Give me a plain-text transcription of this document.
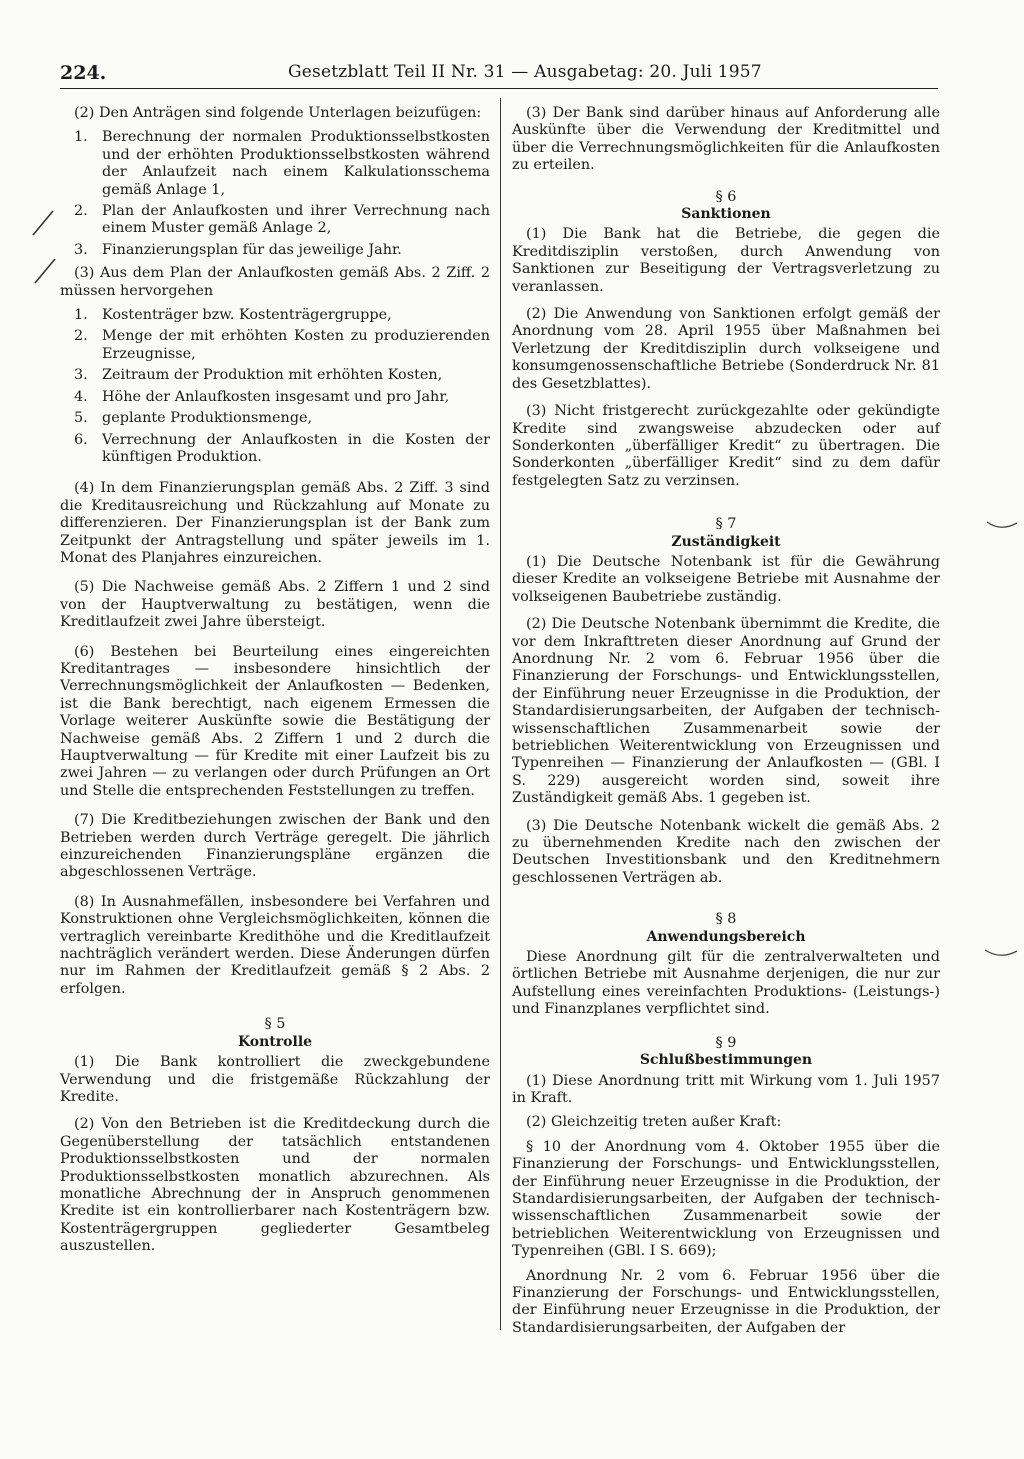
224.	Gesetzblatt Teil II Nr. 31 — Ausgabetag: 20. Juli 1957

(2) Den Anträgen sind folgende Unterlagen beizufügen:

1. Berechnung der normalen Produktionsselbstkosten und der erhöhten Produktionsselbstkosten während der Anlaufzeit nach einem Kalkulationsschema gemäß Anlage 1,
2. Plan der Anlaufkosten und ihrer Verrechnung nach einem Muster gemäß Anlage 2,
3. Finanzierungsplan für das jeweilige Jahr.

(3) Aus dem Plan der Anlaufkosten gemäß Abs. 2 Ziff. 2 müssen hervorgehen

1. Kostenträger bzw. Kostenträgergruppe,
2. Menge der mit erhöhten Kosten zu produzierenden Erzeugnisse,
3. Zeitraum der Produktion mit erhöhten Kosten,
4. Höhe der Anlaufkosten insgesamt und pro Jahr,
5. geplante Produktionsmenge,
6. Verrechnung der Anlaufkosten in die Kosten der künftigen Produktion.

(4) In dem Finanzierungsplan gemäß Abs. 2 Ziff. 3 sind die Kreditausreichung und Rückzahlung auf Monate zu differenzieren. Der Finanzierungsplan ist der Bank zum Zeitpunkt der Antragstellung und später jeweils im 1. Monat des Planjahres einzureichen.

(5) Die Nachweise gemäß Abs. 2 Ziffern 1 und 2 sind von der Hauptverwaltung zu bestätigen, wenn die Kreditlaufzeit zwei Jahre übersteigt.

(6) Bestehen bei Beurteilung eines eingereichten Kreditantrages — insbesondere hinsichtlich der Verrechnungsmöglichkeit der Anlaufkosten — Bedenken, ist die Bank berechtigt, nach eigenem Ermessen die Vorlage weiterer Auskünfte sowie die Bestätigung der Nachweise gemäß Abs. 2 Ziffern 1 und 2 durch die Hauptverwaltung — für Kredite mit einer Laufzeit bis zu zwei Jahren — zu verlangen oder durch Prüfungen an Ort und Stelle die entsprechenden Feststellungen zu treffen.

(7) Die Kreditbeziehungen zwischen der Bank und den Betrieben werden durch Verträge geregelt. Die jährlich einzureichenden Finanzierungspläne ergänzen die abgeschlossenen Verträge.

(8) In Ausnahmefällen, insbesondere bei Verfahren und Konstruktionen ohne Vergleichsmöglichkeiten, können die vertraglich vereinbarte Kredithöhe und die Kreditlaufzeit nachträglich verändert werden. Diese Änderungen dürfen nur im Rahmen der Kreditlaufzeit gemäß § 2 Abs. 2 erfolgen.

§ 5
Kontrolle

(1) Die Bank kontrolliert die zweckgebundene Verwendung und die fristgemäße Rückzahlung der Kredite.

(2) Von den Betrieben ist die Kreditdeckung durch die Gegenüberstellung der tatsächlich entstandenen Produktionsselbstkosten und der normalen Produktionsselbstkosten monatlich abzurechnen. Als monatliche Abrechnung der in Anspruch genommenen Kredite ist ein kontrollierbarer nach Kostenträgern bzw. Kostenträgergruppen gegliederter Gesamtbeleg auszustellen.

(3) Der Bank sind darüber hinaus auf Anforderung alle Auskünfte über die Verwendung der Kreditmittel und über die Verrechnungsmöglichkeiten für die Anlaufkosten zu erteilen.

§ 6
Sanktionen

(1) Die Bank hat die Betriebe, die gegen die Kreditdisziplin verstoßen, durch Anwendung von Sanktionen zur Beseitigung der Vertragsverletzung zu veranlassen.

(2) Die Anwendung von Sanktionen erfolgt gemäß der Anordnung vom 28. April 1955 über Maßnahmen bei Verletzung der Kreditdisziplin durch volkseigene und konsumgenossenschaftliche Betriebe (Sonderdruck Nr. 81 des Gesetzblattes).

(3) Nicht fristgerecht zurückgezahlte oder gekündigte Kredite sind zwangsweise abzudecken oder auf Sonderkonten „überfälliger Kredit“ zu übertragen. Die Sonderkonten „überfälliger Kredit“ sind zu dem dafür festgelegten Satz zu verzinsen.

§ 7
Zuständigkeit

(1) Die Deutsche Notenbank ist für die Gewährung dieser Kredite an volkseigene Betriebe mit Ausnahme der volkseigenen Baubetriebe zuständig.

(2) Die Deutsche Notenbank übernimmt die Kredite, die vor dem Inkrafttreten dieser Anordnung auf Grund der Anordnung Nr. 2 vom 6. Februar 1956 über die Finanzierung der Forschungs- und Entwicklungsstellen, der Einführung neuer Erzeugnisse in die Produktion, der Standardisierungsarbeiten, der Aufgaben der technisch-wissenschaftlichen Zusammenarbeit sowie der betrieblichen Weiterentwicklung von Erzeugnissen und Typenreihen — Finanzierung der Anlaufkosten — (GBl. I S. 229) ausgereicht worden sind, soweit ihre Zuständigkeit gemäß Abs. 1 gegeben ist.

(3) Die Deutsche Notenbank wickelt die gemäß Abs. 2 zu übernehmenden Kredite nach den zwischen der Deutschen Investitionsbank und den Kreditnehmern geschlossenen Verträgen ab.

§ 8
Anwendungsbereich

Diese Anordnung gilt für die zentralverwalteten und örtlichen Betriebe mit Ausnahme derjenigen, die nur zur Aufstellung eines vereinfachten Produktions- (Leistungs-) und Finanzplanes verpflichtet sind.

§ 9
Schlußbestimmungen

(1) Diese Anordnung tritt mit Wirkung vom 1. Juli 1957 in Kraft.

(2) Gleichzeitig treten außer Kraft:

§ 10 der Anordnung vom 4. Oktober 1955 über die Finanzierung der Forschungs- und Entwicklungsstellen, der Einführung neuer Erzeugnisse in die Produktion, der Standardisierungsarbeiten, der Aufgaben der technisch-wissenschaftlichen Zusammenarbeit sowie der betrieblichen Weiterentwicklung von Erzeugnissen und Typenreihen (GBl. I S. 669);

Anordnung Nr. 2 vom 6. Februar 1956 über die Finanzierung der Forschungs- und Entwicklungsstellen, der Einführung neuer Erzeugnisse in die Produktion, der Standardisierungsarbeiten, der Aufgaben der
